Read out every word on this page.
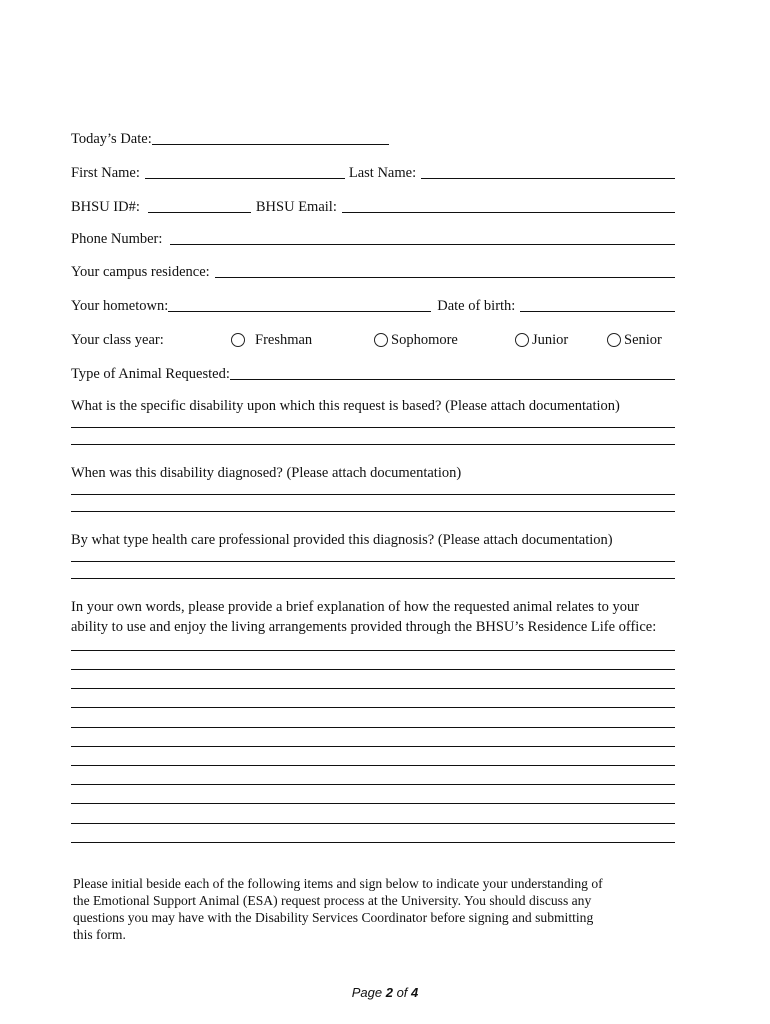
Today’s Date:
First Name:	Last Name:
BHSU ID#:	BHSU Email:
Phone Number:
Your campus residence:
Your hometown:	Date of birth:
Your class year:	Freshman	Sophomore	Junior	Senior
Type of Animal Requested:
What is the specific disability upon which this request is based? (Please attach documentation)
When was this disability diagnosed? (Please attach documentation)
By what type health care professional provided this diagnosis? (Please attach documentation)
In your own words, please provide a brief explanation of how the requested animal relates to your
ability to use and enjoy the living arrangements provided through the BHSU’s Residence Life office:
Please initial beside each of the following items and sign below to indicate your understanding of
the Emotional Support Animal (ESA) request process at the University. You should discuss any
questions you may have with the Disability Services Coordinator before signing and submitting
this form.
Page 2 of 4
